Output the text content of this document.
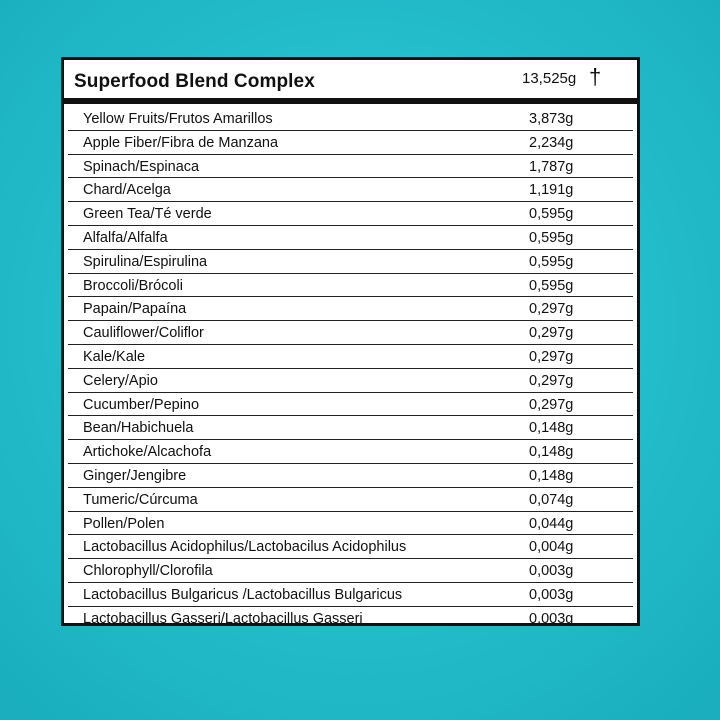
Superfood Blend Complex	13,525g †
Yellow Fruits/Frutos Amarillos	3,873g
Apple Fiber/Fibra de Manzana	2,234g
Spinach/Espinaca	1,787g
Chard/Acelga	1,191g
Green Tea/Té verde	0,595g
Alfalfa/Alfalfa	0,595g
Spirulina/Espirulina	0,595g
Broccoli/Brócoli	0,595g
Papain/Papaína	0,297g
Cauliflower/Coliflor	0,297g
Kale/Kale	0,297g
Celery/Apio	0,297g
Cucumber/Pepino	0,297g
Bean/Habichuela	0,148g
Artichoke/Alcachofa	0,148g
Ginger/Jengibre	0,148g
Tumeric/Cúrcuma	0,074g
Pollen/Polen	0,044g
Lactobacillus Acidophilus/Lactobacilus Acidophilus	0,004g
Chlorophyll/Clorofila	0,003g
Lactobacillus Bulgaricus /Lactobacillus Bulgaricus	0,003g
Lactobacillus Gasseri/Lactobacillus Gasseri	0,003g
